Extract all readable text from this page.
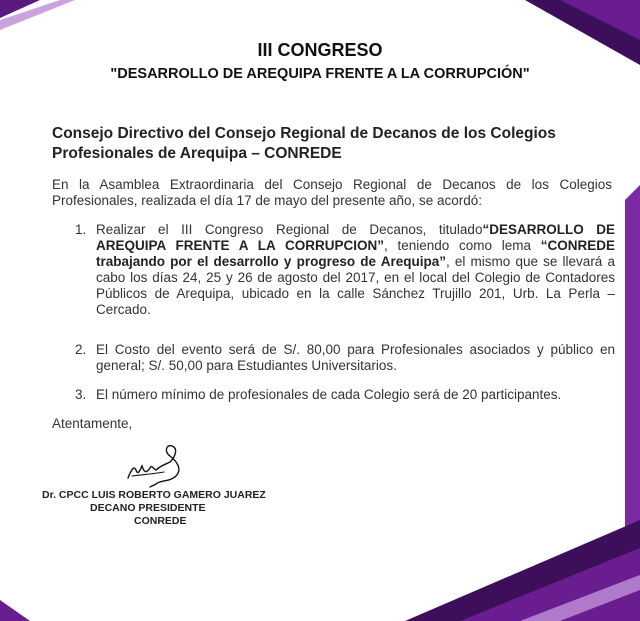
III CONGRESO
"DESARROLLO DE AREQUIPA FRENTE A LA CORRUPCIÓN"
Consejo Directivo del Consejo Regional de Decanos de los Colegios Profesionales de Arequipa – CONREDE
En la Asamblea Extraordinaria del Consejo Regional de Decanos de los Colegios Profesionales, realizada el día 17 de mayo del presente año, se acordó:
1. Realizar el III Congreso Regional de Decanos, titulado“DESARROLLO DE AREQUIPA FRENTE A LA CORRUPCION”, teniendo como lema “CONREDE trabajando por el desarrollo y progreso de Arequipa”, el mismo que se llevará a cabo los días 24, 25 y 26 de agosto del 2017, en el local del Colegio de Contadores Públicos de Arequipa, ubicado en la calle Sánchez Trujillo 201, Urb. La Perla – Cercado.
2. El Costo del evento será de S/. 80,00 para Profesionales asociados y público en general; S/. 50,00 para Estudiantes Universitarios.
3. El número mínimo de profesionales de cada Colegio será de 20 participantes.
Atentamente,
Dr. CPCC LUIS ROBERTO GAMERO JUAREZ
DECANO PRESIDENTE
CONREDE
